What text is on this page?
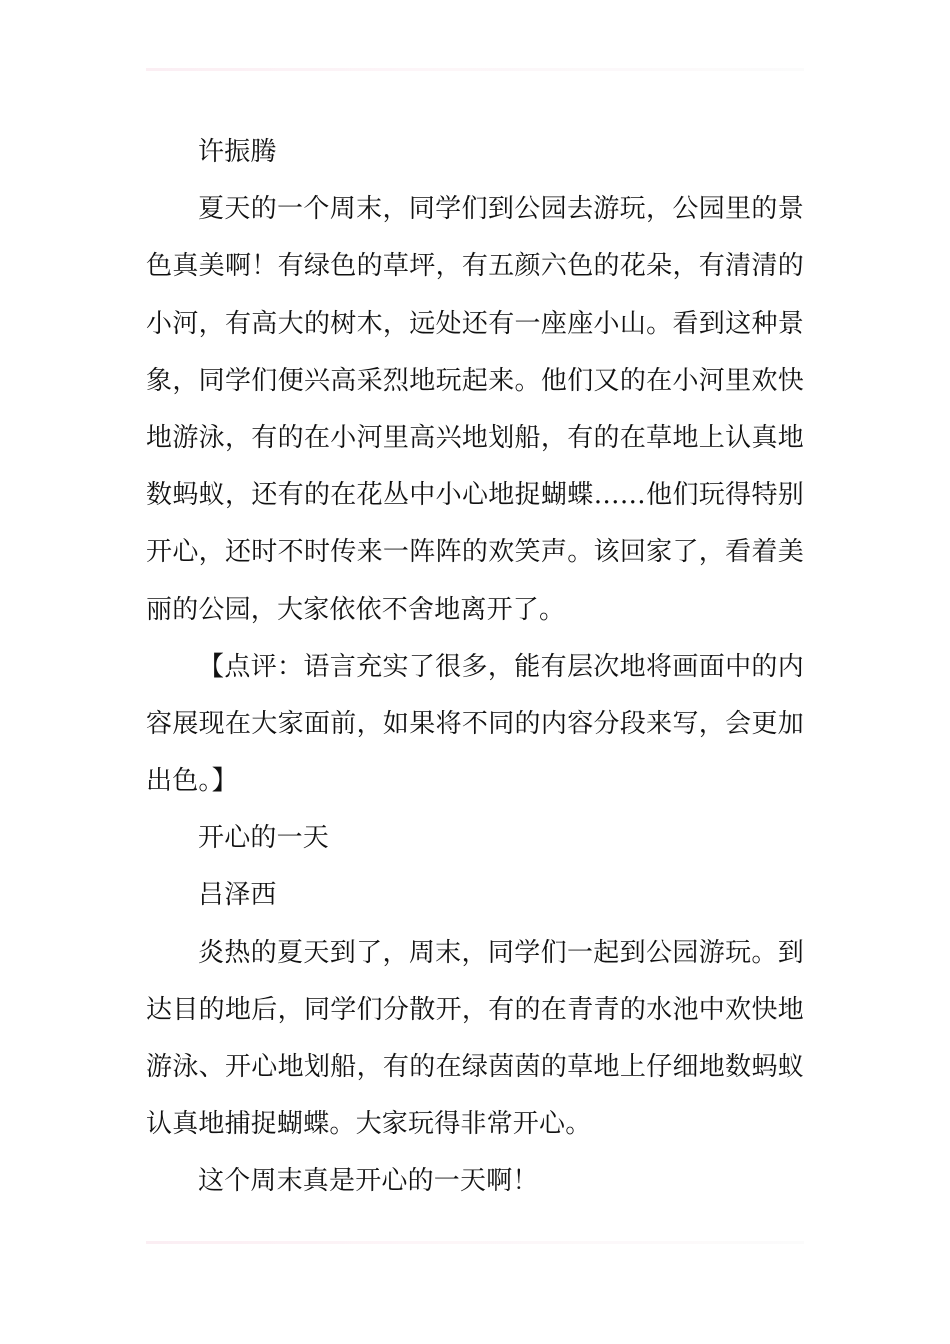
许振腾
夏天的一个周末，同学们到公园去游玩，公园里的景
色真美啊！有绿色的草坪，有五颜六色的花朵，有清清的
小河，有高大的树木，远处还有一座座小山。看到这种景
象，同学们便兴高采烈地玩起来。他们又的在小河里欢快
地游泳，有的在小河里高兴地划船，有的在草地上认真地
数蚂蚁，还有的在花丛中小心地捉蝴蝶……他们玩得特别
开心，还时不时传来一阵阵的欢笑声。该回家了，看着美
丽的公园，大家依依不舍地离开了。
【点评：语言充实了很多，能有层次地将画面中的内
容展现在大家面前，如果将不同的内容分段来写，会更加
出色。】
开心的一天
吕泽西
炎热的夏天到了，周末，同学们一起到公园游玩。到
达目的地后，同学们分散开，有的在青青的水池中欢快地
游泳、开心地划船，有的在绿茵茵的草地上仔细地数蚂蚁
认真地捕捉蝴蝶。大家玩得非常开心。
这个周末真是开心的一天啊！
